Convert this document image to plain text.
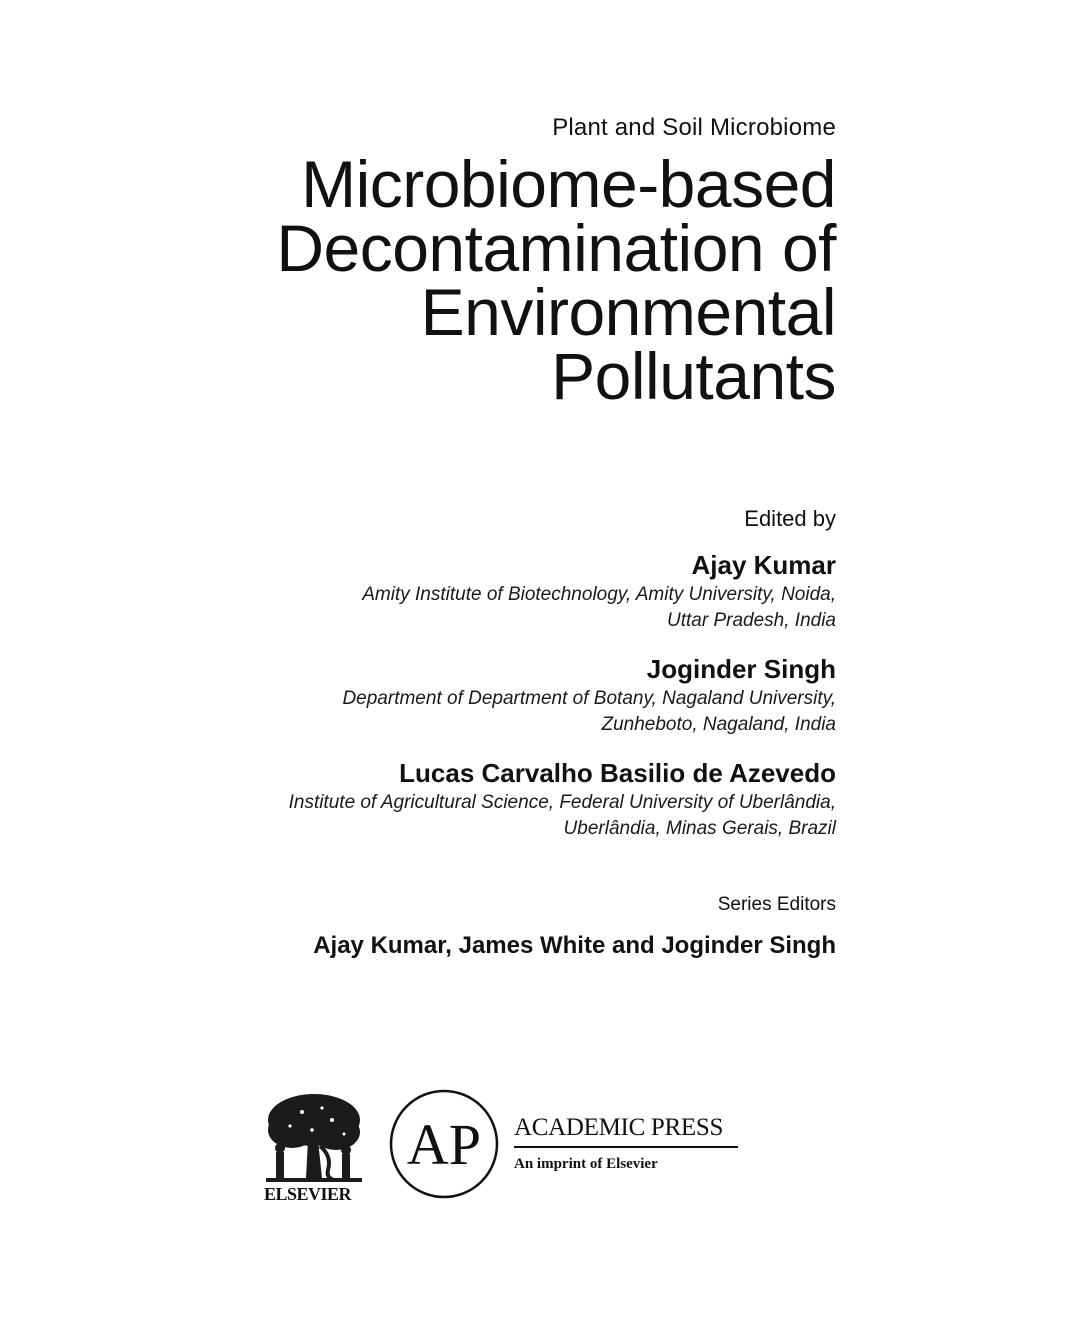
Plant and Soil Microbiome
Microbiome-based
Decontamination of
Environmental
Pollutants
Edited by
Ajay Kumar
Amity Institute of Biotechnology, Amity University, Noida,
Uttar Pradesh, India
Joginder Singh
Department of Department of Botany, Nagaland University,
Zunheboto, Nagaland, India
Lucas Carvalho Basilio de Azevedo
Institute of Agricultural Science, Federal University of Uberlândia,
Uberlândia, Minas Gerais, Brazil
Series Editors
Ajay Kumar, James White and Joginder Singh
ELSEVIER
AP ACADEMIC PRESS
An imprint of Elsevier
